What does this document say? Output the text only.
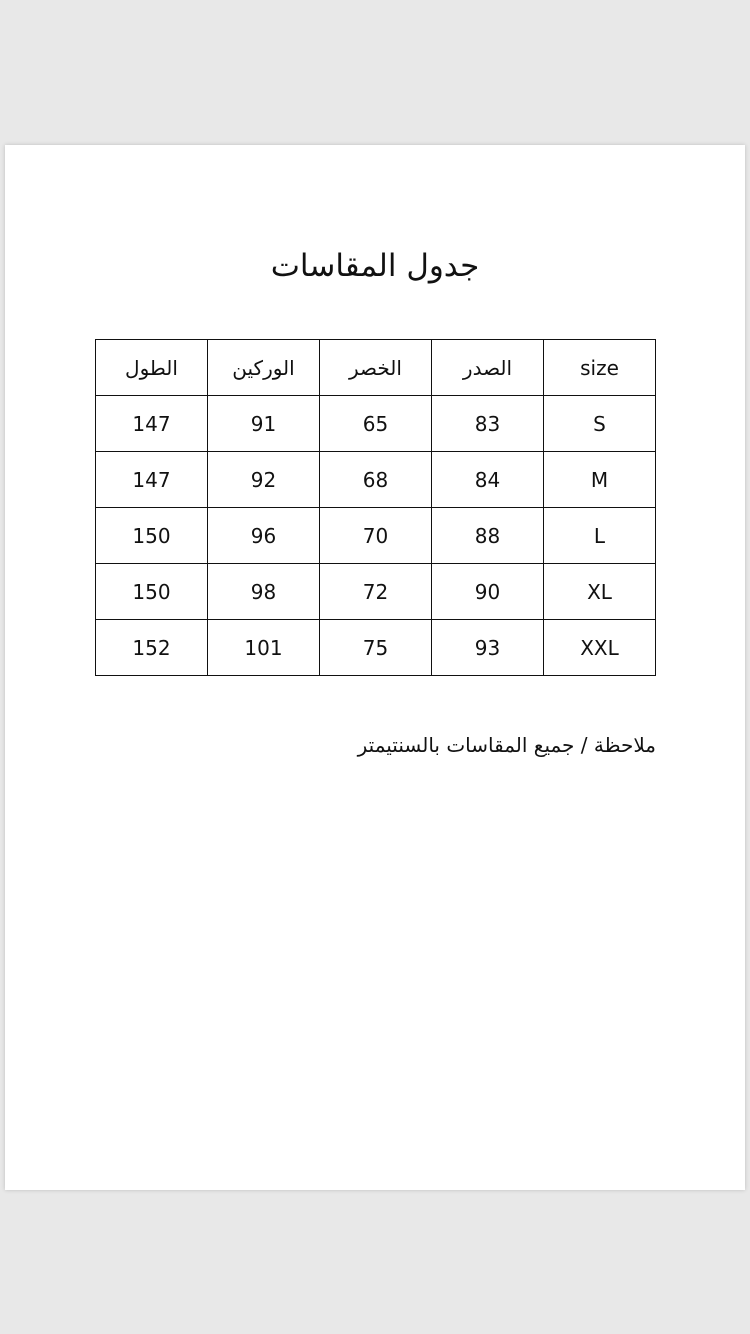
جدول المقاسات
size	الصدر	الخصر	الوركين	الطول
S	83	65	91	147
M	84	68	92	147
L	88	70	96	150
XL	90	72	98	150
XXL	93	75	101	152
ملاحظة / جميع المقاسات بالسنتيمتر
